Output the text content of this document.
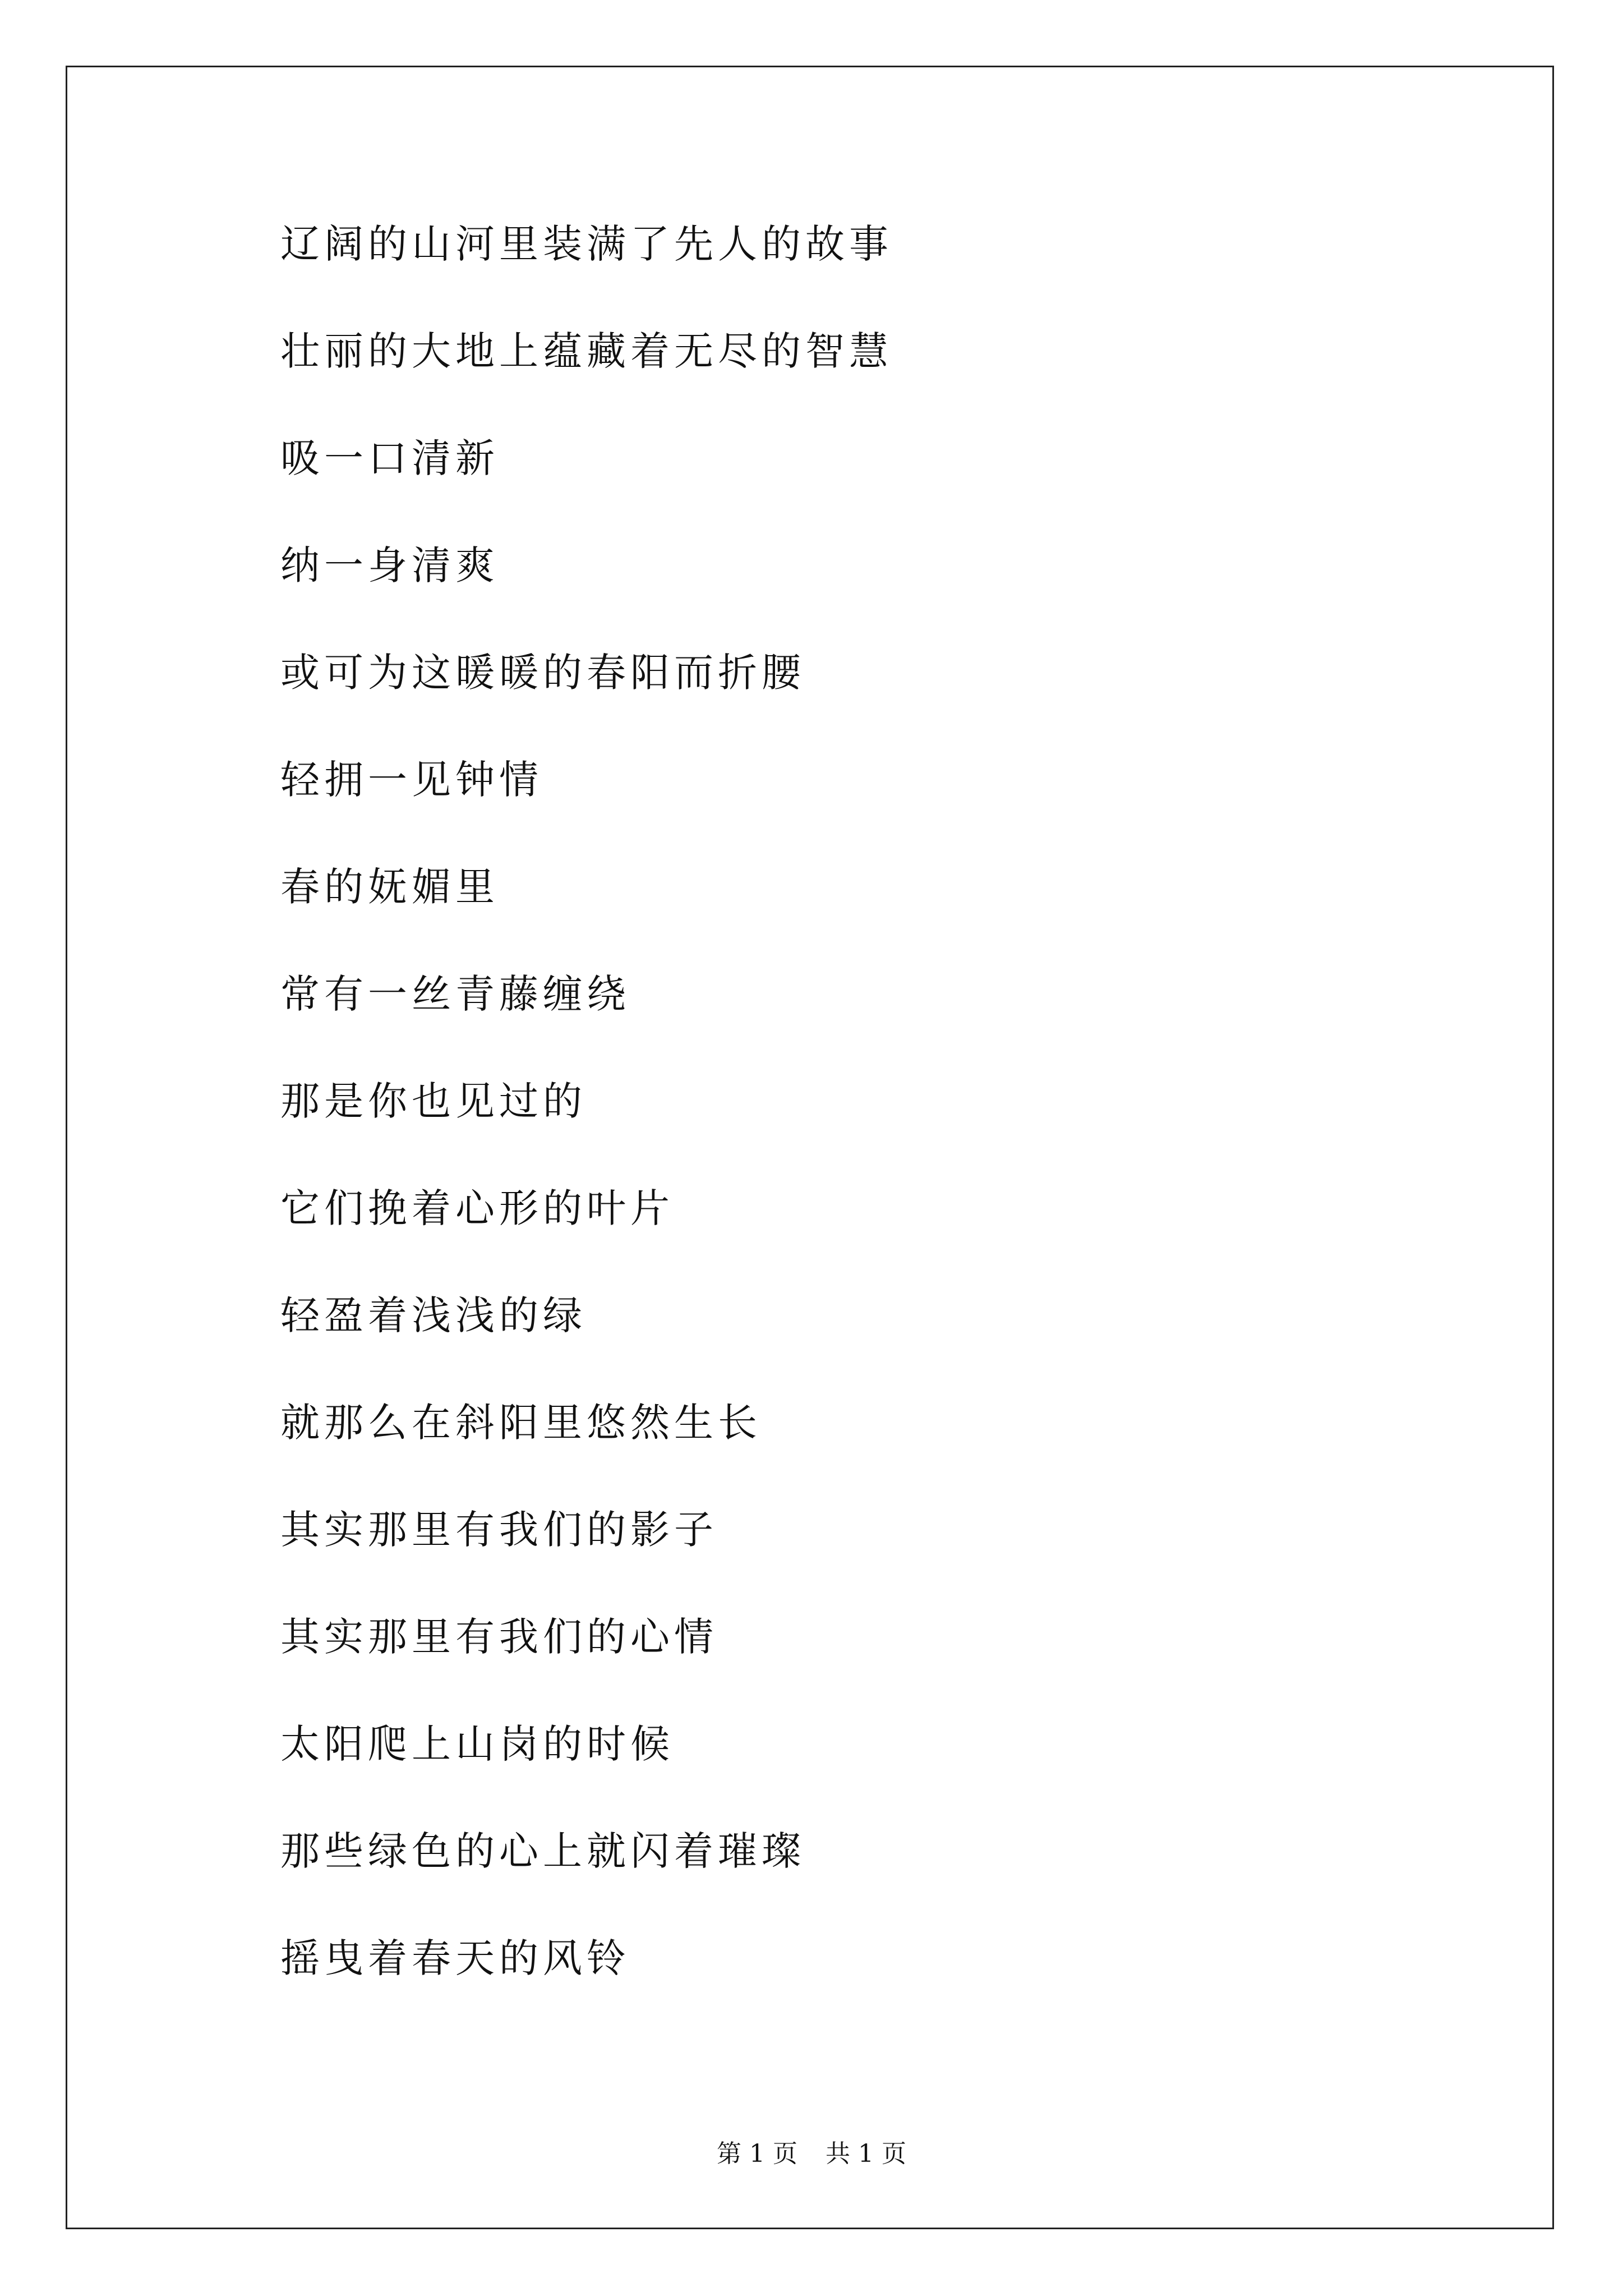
辽阔的山河里装满了先人的故事
壮丽的大地上蕴藏着无尽的智慧
吸一口清新
纳一身清爽
或可为这暖暖的春阳而折腰
轻拥一见钟情
春的妩媚里
常有一丝青藤缠绕
那是你也见过的
它们挽着心形的叶片
轻盈着浅浅的绿
就那么在斜阳里悠然生长
其实那里有我们的影子
其实那里有我们的心情
太阳爬上山岗的时候
那些绿色的心上就闪着璀璨
摇曳着春天的风铃
第 1 页 共 1 页
